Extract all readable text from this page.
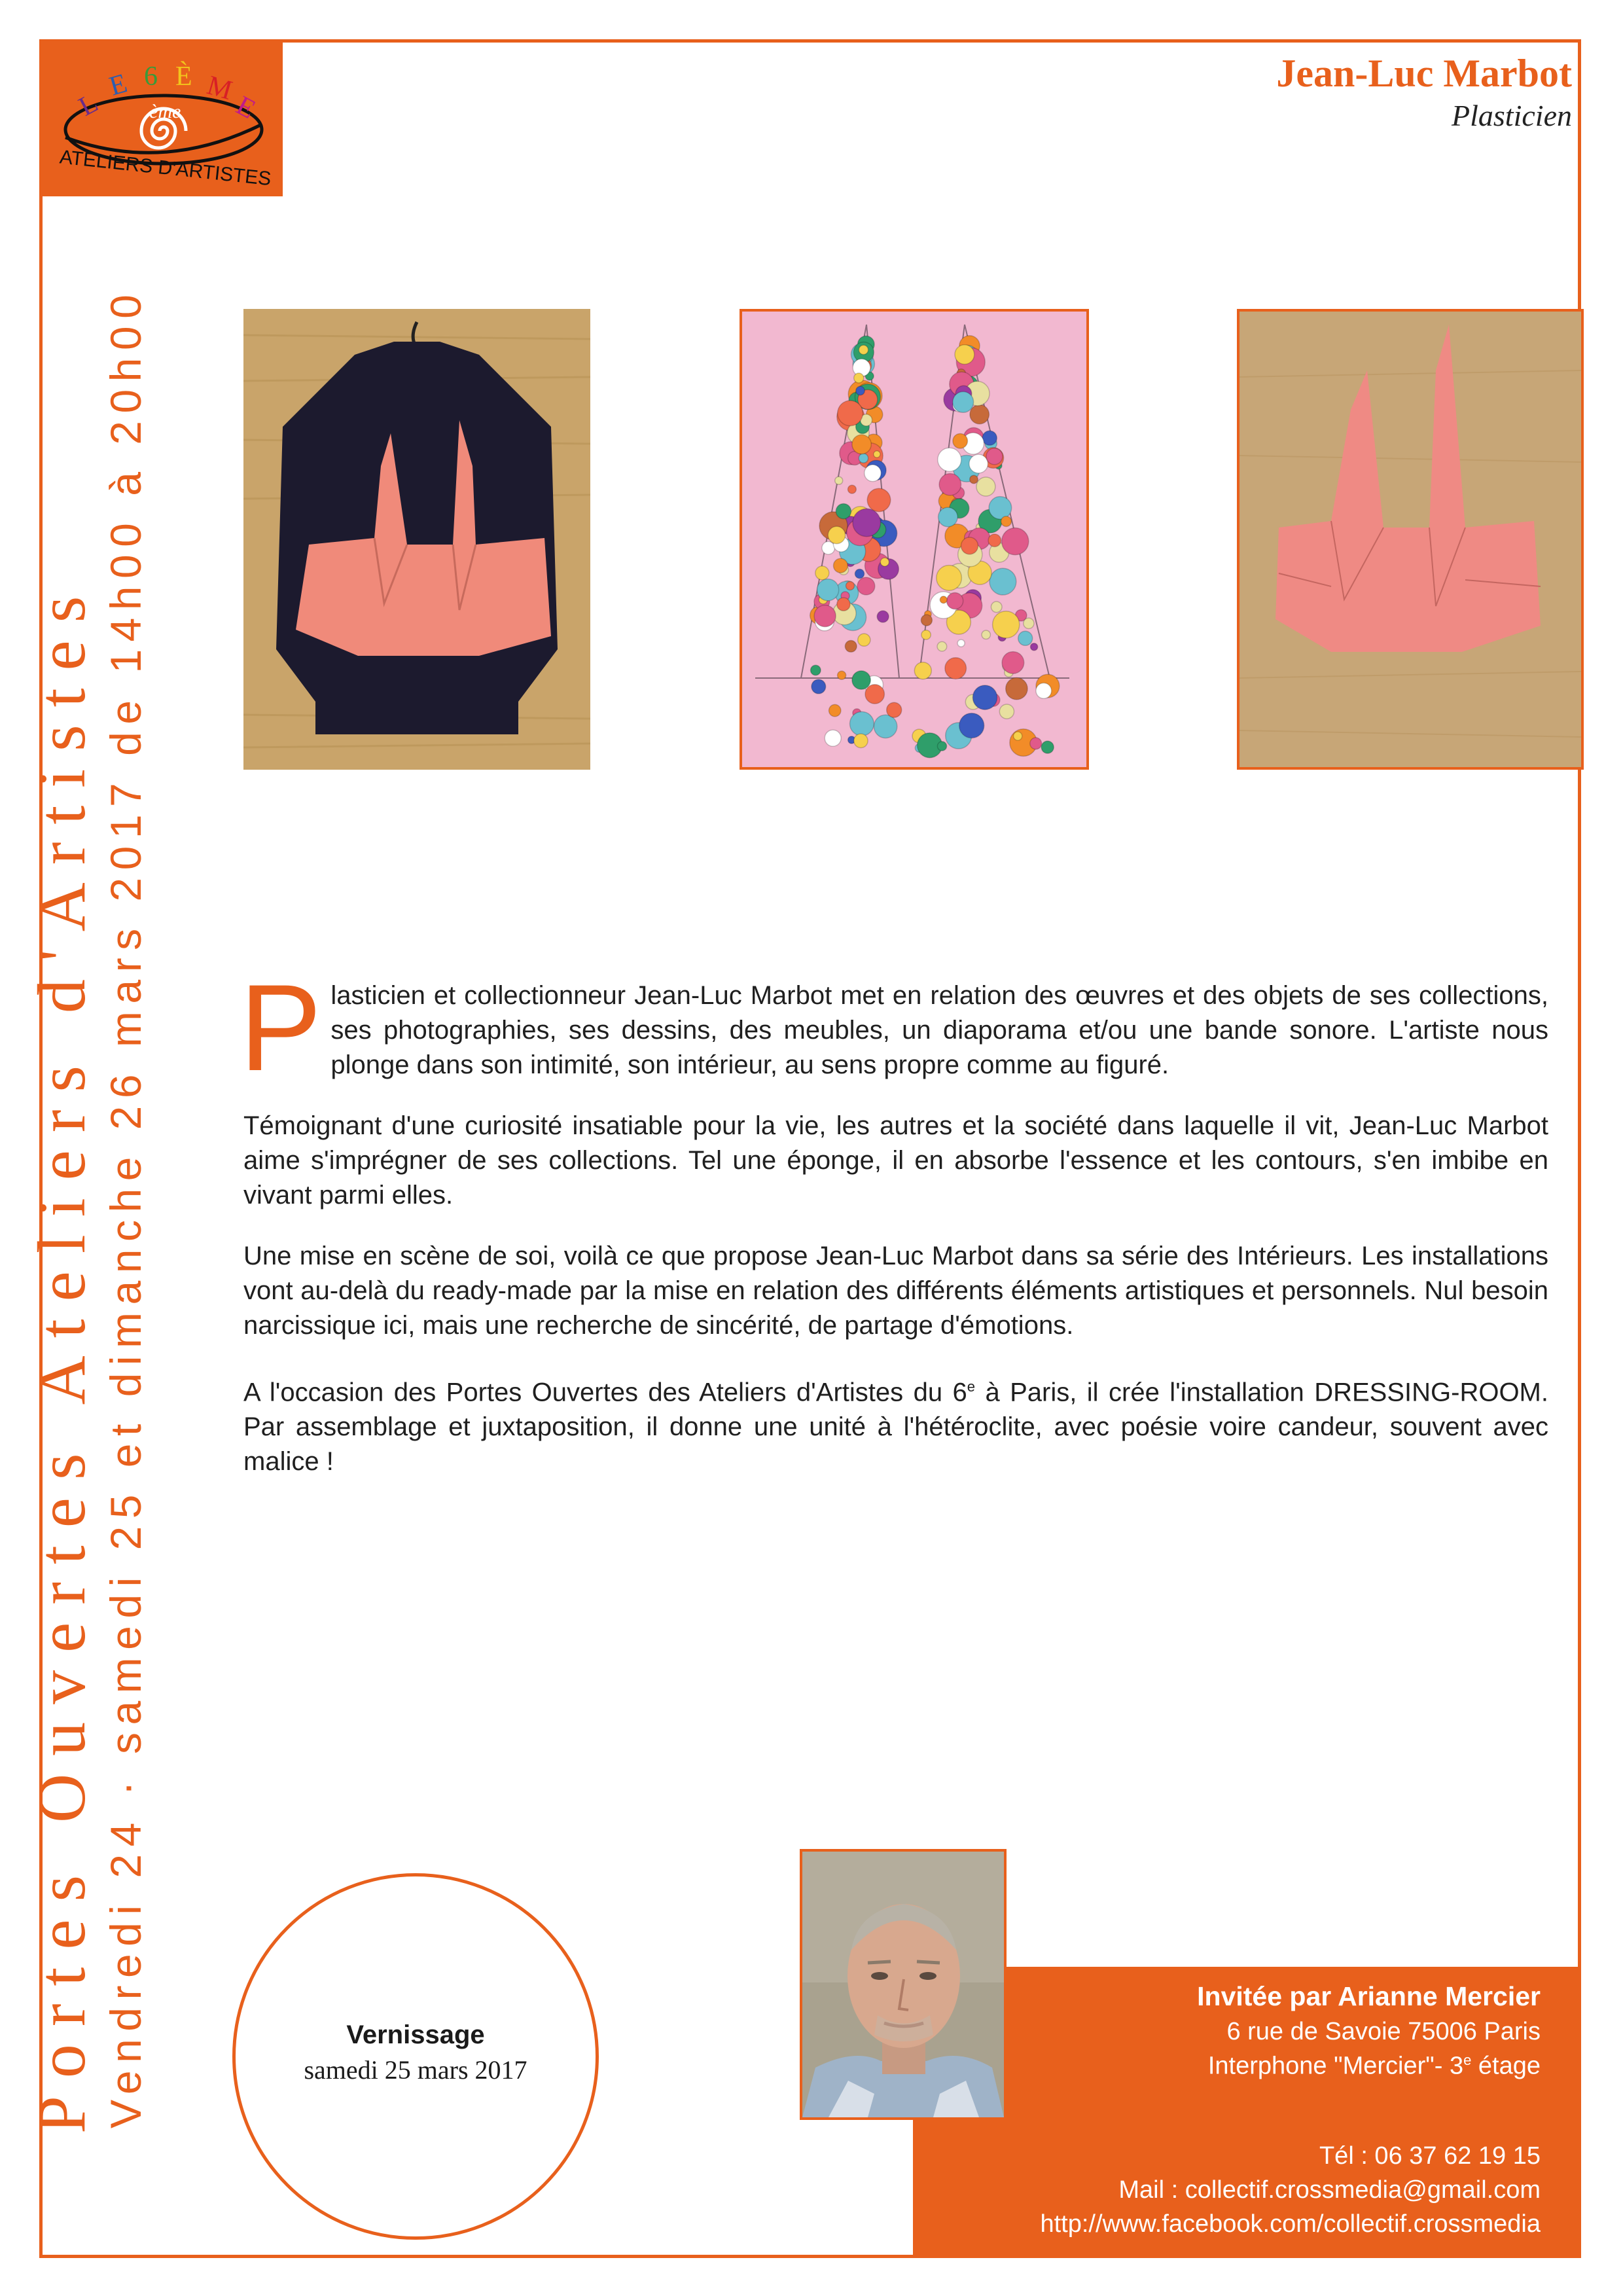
L
E 6 È M
E
ème
ATELIERS D'ARTISTES
Jean-Luc Marbot
Plasticien
Portes Ouvertes Ateliers d'Artistes Vendredi 24 · samedi 25 et dimanche 26 mars 2017 de 14h00 à 20h00 Plasticien et collectionneur Jean-Luc Marbot met en relation des œuvres et des objets de ses collections, ses photographies, ses dessins, des meubles, un diaporama et/ou une bande sonore. L'artiste nous plonge dans son intimité, son intérieur, au sens propre comme au figuré.

Témoignant d'une curiosité insatiable pour la vie, les autres et la société dans laquelle il vit, Jean-Luc Marbot aime s'imprégner de ses collections. Tel une éponge, il en absorbe l'essence et les contours, s'en imbibe en vivant parmi elles.

Une mise en scène de soi, voilà ce que propose Jean-Luc Marbot dans sa série des Intérieurs. Les installations vont au-delà du ready-made par la mise en relation des différents éléments artistiques et personnels. Nul besoin narcissique ici, mais une recherche de sincérité, de partage d'émotions.

A l'occasion des Portes Ouvertes des Ateliers d'Artistes du 6e à Paris, il crée l'installation DRESSING-ROOM. Par assemblage et juxtaposition, il donne une unité à l'hétéroclite, avec poésie voire candeur, souvent avec malice !

Vernissage
samedi 25 mars 2017
Invitée par Arianne Mercier
6 rue de Savoie 75006 Paris
Interphone "Mercier"- 3e étage
Tél : 06 37 62 19 15
Mail : collectif.crossmedia@gmail.com
http://www.facebook.com/collectif.crossmedia
